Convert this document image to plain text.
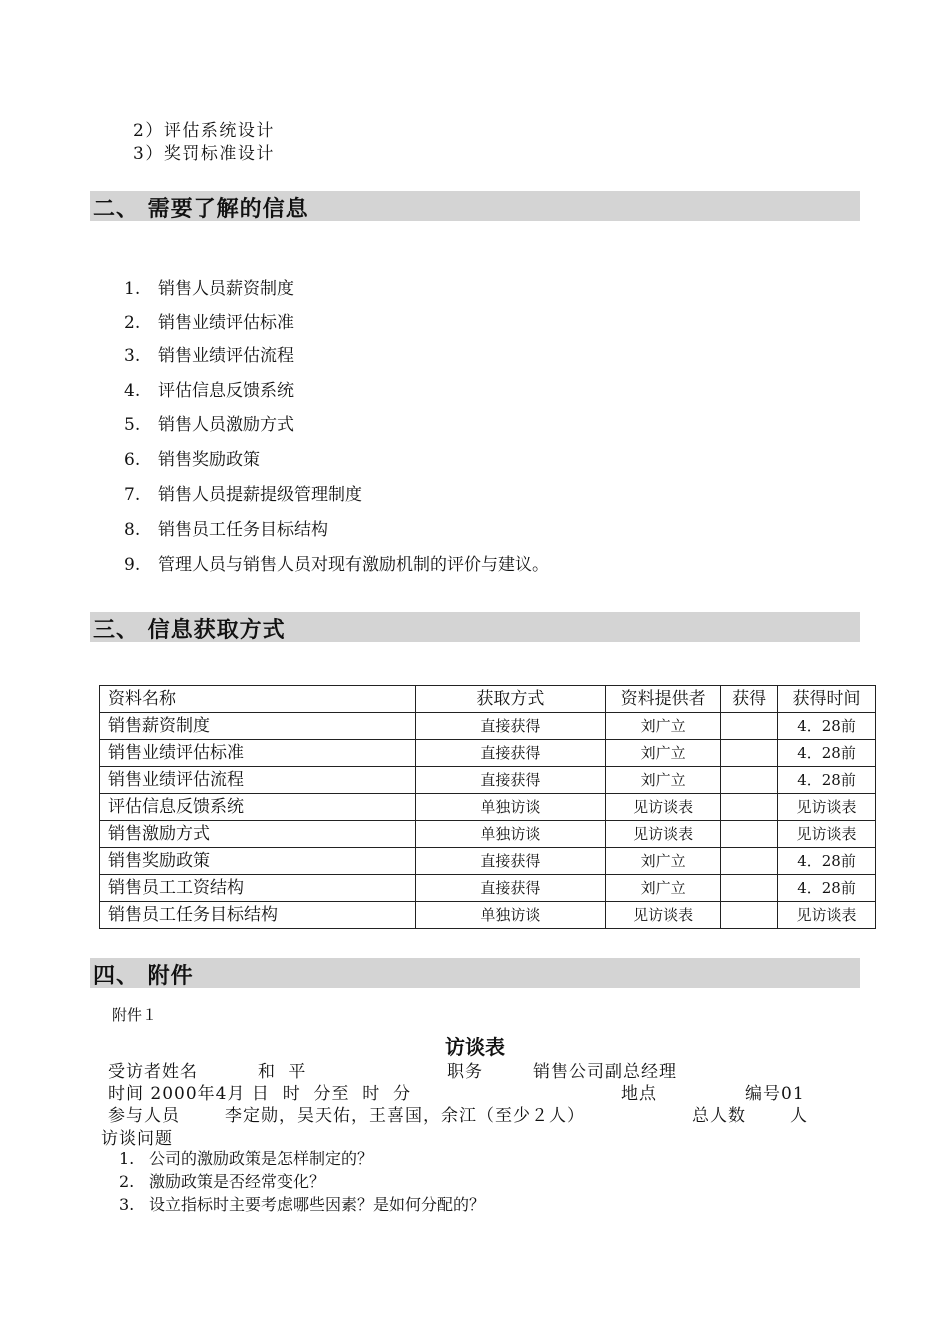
2）评估系统设计
3）奖罚标准设计
二、 需要了解的信息
1. 销售人员薪资制度
2. 销售业绩评估标准
3. 销售业绩评估流程
4. 评估信息反馈系统
5. 销售人员激励方式
6. 销售奖励政策
7. 销售人员提薪提级管理制度
8. 销售员工任务目标结构
9. 管理人员与销售人员对现有激励机制的评价与建议。
三、 信息获取方式
资料名称	获取方式	资料提供者	获得	获得时间
销售薪资制度	直接获得	刘广立		4．28前
销售业绩评估标准	直接获得	刘广立		4．28前
销售业绩评估流程	直接获得	刘广立		4．28前
评估信息反馈系统	单独访谈	见访谈表		见访谈表
销售激励方式	单独访谈	见访谈表		见访谈表
销售奖励政策	直接获得	刘广立		4．28前
销售员工工资结构	直接获得	刘广立		4．28前
销售员工任务目标结构	单独访谈	见访谈表		见访谈表
四、 附件
附件１
访谈表
受访者姓名	和 平	职务	销售公司副总经理
时间 2000年4月 日  时  分至  时  分	地点	编号01
参与人员	李定勋，吴天佑，王喜国，余江（至少２人）	总人数	人
访谈问题
1. 公司的激励政策是怎样制定的？
2. 激励政策是否经常变化？
3. 设立指标时主要考虑哪些因素？是如何分配的？
